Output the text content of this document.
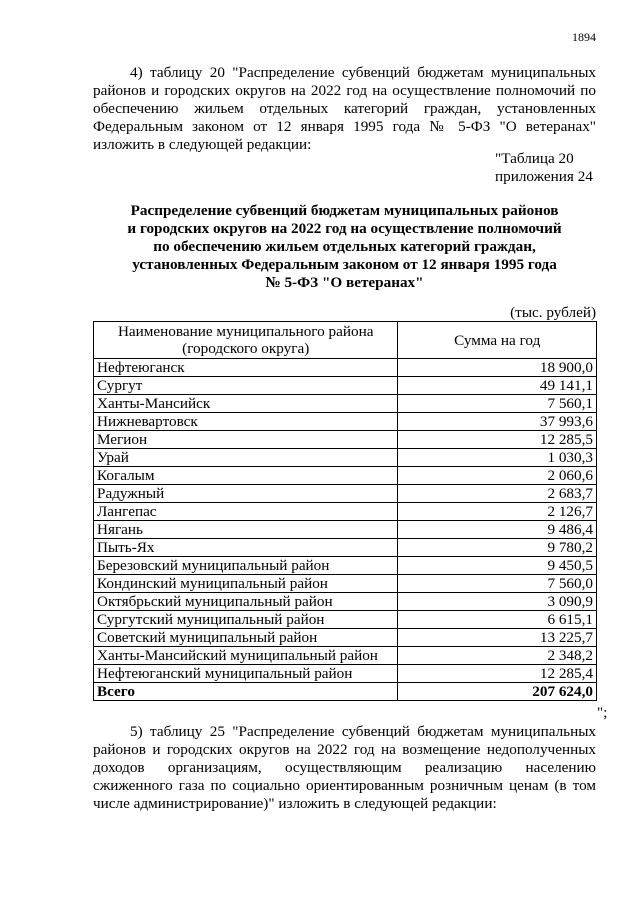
1894
4) таблицу 20 "Распределение субвенций бюджетам муниципальных
районов и городских округов на 2022 год на осуществление полномочий по
обеспечению жильем отдельных категорий граждан, установленных
Федеральным законом от 12 января 1995 года № 5-ФЗ "О ветеранах"
изложить в следующей редакции:
"Таблица 20
приложения 24
Распределение субвенций бюджетам муниципальных районов
и городских округов на 2022 год на осуществление полномочий
по обеспечению жильем отдельных категорий граждан,
установленных Федеральным законом от 12 января 1995 года
№ 5-ФЗ "О ветеранах"
(тыс. рублей)
Наименование муниципального района (городского округа)	Сумма на год
Нефтеюганск	18 900,0
Сургут	49 141,1
Ханты-Мансийск	7 560,1
Нижневартовск	37 993,6
Мегион	12 285,5
Урай	1 030,3
Когалым	2 060,6
Радужный	2 683,7
Лангепас	2 126,7
Нягань	9 486,4
Пыть-Ях	9 780,2
Березовский муниципальный район	9 450,5
Кондинский муниципальный район	7 560,0
Октябрьский муниципальный район	3 090,9
Сургутский муниципальный район	6 615,1
Советский муниципальный район	13 225,7
Ханты-Мансийский муниципальный район	2 348,2
Нефтеюганский муниципальный район	12 285,4
Всего	207 624,0
";
5) таблицу 25 "Распределение субвенций бюджетам муниципальных
районов и городских округов на 2022 год на возмещение недополученных
доходов организациям, осуществляющим реализацию населению
сжиженного газа по социально ориентированным розничным ценам (в том
числе администрирование)" изложить в следующей редакции:
